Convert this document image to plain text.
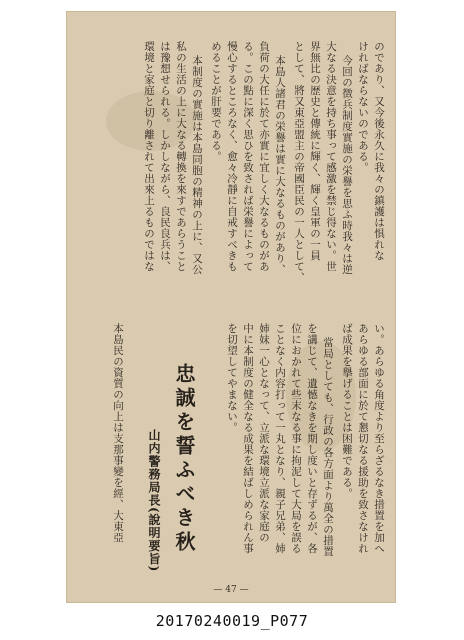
のであり、又今後永久に我々の鎮護は惧れな
ければならないのである。
今回の徴兵制度實施の栄譽を思ふ時我々は逆
大なる決意を持ち事って感激を禁じ得ない。世
界無比の歴史と傳統に輝く、輝く皇軍の一員
として、將又東亞盟主の帝國臣民の一人として、
本島人諸君の栄譽は實に大なるものがあり、
負荷の大任に於て亦實に宜しく大なるものがあ
る。この點に深く思ひを致されば栄譽によって
慢心するところなく、愈々冷靜に自戒すべきも
めることが肝要である。
本制度の實施は本島同胞の精神の上に、又公
私の生活の上に大なる轉換を來すであらうこと
は豫想せられる。しかしながら、良民良兵は、
環境と家庭と切り離されて出來上るものではな
い。あらゆる角度より至らざるなき措置を加へ
あらゆる部面に於て懇切なる援助を致さなけれ
ば成果を擧げることは困難である。
當局としても、行政の各方面より萬全の措置
を講じて、遺憾なきを期し度いと存ずるが、各
位におかれて些末なる事に拘泥して大局を誤る
ことなく内容打って一丸となり、親子兄弟、姉
姉妹一心となって、立派な環境立派な家庭の
中に本制度の健全なる成果を結ばしめられん事
を切望してやまない。
忠誠を誓ふべき秋
山内警務局長(說明要旨)
本島民の資質の向上は支那事變を經、大東亞
— 47 —
20170240019_P077
